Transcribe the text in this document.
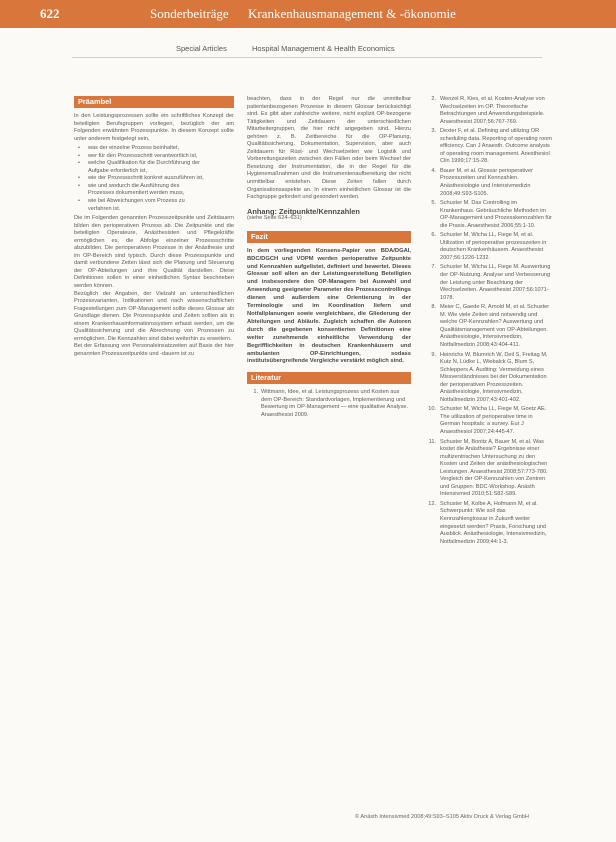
622	Sonderbeiträge Krankenhausmanagement & -ökonomie
Special Articles	Hospital Management & Health Economics
Präambel

In den Leistungsprozessen sollte ein schriftliches Konzept der beteiligten Berufsgruppen vorliegen, bezüglich der am Folgenden erwähnten Prozesspunkte. In diesem Konzept sollte unter anderem festgelegt sein,

• was der einzelne Prozess beinhaltet,
• wer für den Prozessschritt verantwortlich ist,
• welche Qualifikation für die Durchführung der Aufgabe erforderlich ist,
• wie der Prozessschritt konkret auszuführen ist,
• wie und wodurch die Ausführung des Prozesses dokumentiert werden muss,
• wie bei Abweichungen vom Prozess zu verfahren ist.

Die im Folgenden genannten Prozesszeitpunkte und Zeitdauern bilden den perioperativen Prozess ab. Die Zeitpunkte und die beteiligten Operateure, Anästhesisten und Pflegekräfte ermöglichen es, die Abfolge einzelner Prozessschritte abzubilden. Die perioperativen Prozesse in der Anästhesie und im OP-Bereich sind typisch. Durch diese Prozesspunkte und damit verbundene Zeiten lässt sich die Planung und Steuerung der OP-Abteilungen und ihre Qualität darstellen. Diese Definitionen sollen in einer einheitlichen Syntax beschrieben werden können.

Bezüglich der Angaben, der Vielzahl an unterschiedlichen Prozessvarianten, Indikationen und nach wissenschaftlichen Fragestellungen zum OP-Management sollte dieses Glossar als Grundlage dienen. Die Prozesspunkte und Zeiten sollten als in einem Krankenhausinformationssystem erfasst werden, um die Qualitätssicherung und die Abrechnung von Prozessen zu ermöglichen. Die Kennzahlen sind dabei weiterhin zu erweitern.

Bei der Erfassung von Personaleinsatzzeiten auf Basis der hier genannten Prozesszeitpunkte und -dauern ist zu

beachten, dass in der Regel nur die unmittelbar patientenbezogenen Prozesse in diesem Glossar berücksichtigt sind. Es gibt aber zahlreiche weitere, nicht explizit OP-bezogene Tätigkeiten und Zeitdauern der unterschiedlichen Mitarbeitergruppen, die hier nicht angegeben sind. Hierzu gehören z. B. Zeitbereiche für die OP-Planung, Qualitätssicherung, Dokumentation, Supervision, aber auch Zeitdauern für Rüst- und Wechselzeiten wie Logistik und Vorbereitungszeiten zwischen den Fällen oder beim Wechsel der Besetzung der Instrumentation, die in der Regel für die Hygienemaßnahmen und die Instrumentenaufbereitung der nicht unmittelbar entstehen. Diese Zeiten fallen durch Organisationsaspekte an. In einem einheitlichen Glossar ist die Fachgruppe gefordert und gesondert werden.

Anhang: Zeitpunkte/Kennzahlen
(siehe Seite 624–631)
Fazit

In dem vorliegenden Konsens-Papier von BDA/DGAI, BDC/DGCH und VOPM werden perioperative Zeitpunkte und Kennzahlen aufgelistet, definiert und bewertet. Dieses Glossar soll allen an der Leistungserstellung Beteiligten und insbesondere den OP-Managern bei Auswahl und Anwendung geeigneter Parameter des Prozesscontrollings dienen und außerdem eine Orientierung in der Terminologie und im Koordination liefern und Notfallplanungen sowie vergleichbare, die Gliederung der Abteilungen und Abläufe. Zugleich schaffen die Autoren durch die gegebenen konsentierten Definitionen eine weiter zunehmende einheitliche Verwendung der Begrifflichkeiten in deutschen Krankenhäusern und ambulanten OP-Einrichtungen, sodass institutsübergreifende Vergleiche verstärkt möglich sind.

Literatur
1. Wittmann, Idee, et al. Leistungsprozess und Kosten aus dem OP-Bereich: Standardvorlagen, Implementierung und Bewertung im OP-Management — eine qualitative Analyse. Anaesthesist 2009.
2. Wenzel R, Kies, et al. Kosten-Analyse von Wechselzeiten im OP. Theoretische Betrachtungen und Anwendungsbeispiele. Anaesthesist 2007;56:767-769.
3. Dexter F, et al. Defining and utilizing OR scheduling data. Reporting of operating room efficiency. Can J Anaesth. Outcome analysis of operating room management. Anesthesiol Clin 1999;17:15-28.
4. Bauer M, et al. Glossar perioperativer Prozesszeiten und Kennzahlen. Anästhesiologie und Intensivmedizin 2008;49:S93-S105.
5. Schuster M. Das Controlling im Krankenhaus. Gebräuchliche Methoden im OP-Management und Prozesskennzahlen für die Praxis. Anaesthesist 2006;55:1-10.
6. Schuster M, Wicha LL, Fiege M, et al. Utilization of perioperative prozesszeiten in deutschen Krankenhäusern. Anaesthesist 2007;56:1226-1232.
7. Schuster M, Wicha LL, Fiege M. Auswertung der OP-Nutzung. Analyse und Verbesserung der Leistung unter Beachtung der Wechselzeiten. Anaesthesist 2007;56:1071-1078.
8. Meier C, Gaede R, Arnold M, et al. Schuster M. Wie viele Zeiten sind notwendig und welche OP-Kennzahlen? Auswertung und Qualitätsmanagement von OP-Abteilungen. Anästhesiologie, Intensivmedizin, Notfallmedizin 2008;43:404-411.
9. Heinrichs W, Blumrich W, Deil S, Freitag M, Kutz N, Lüdke L, Wiebalck G, Blum S, Schleppers A. Auditing: Vermeidung eines Missverständnisses bei der Dokumentation der perioperativen Prozesszeiten. Anästhesiologie, Intensivmedizin, Notfallmedizin 2007;43:401-402.
10. Schuster M, Wicha LL, Fiege M, Goetz AE. The utilization of perioperative time in German hospitals: a survey. Eur J Anaesthesiol 2007;24:445-47.
11. Schuster M, Bonitz A, Bauer M, et al. Was kostet die Anästhesie? Ergebnisse einer multizentrischen Untersuchung zu den Kosten und Zeiten der anästhesiologischen Leistungen. Anaesthesist 2008;57:773-780. Vergleich der OP-Kennzahlen von Zentren und Gruppen: BDC-Workshop. Anästh Intensivmed 2010;51:S82-S89.
12. Schuster M, Kolbe A, Hofmann M, et al. Schwerpunkt: Wie soll das Kennzahlenglossar in Zukunft weiter eingesetzt werden? Praxis, Forschung und Ausblick. Anästhesiologie, Intensivmedizin, Notfallmedizin 2009;44:1-3.
© Anästh Intensivmed 2008;49:S93–S105 Aktiv Druck & Verlag GmbH
